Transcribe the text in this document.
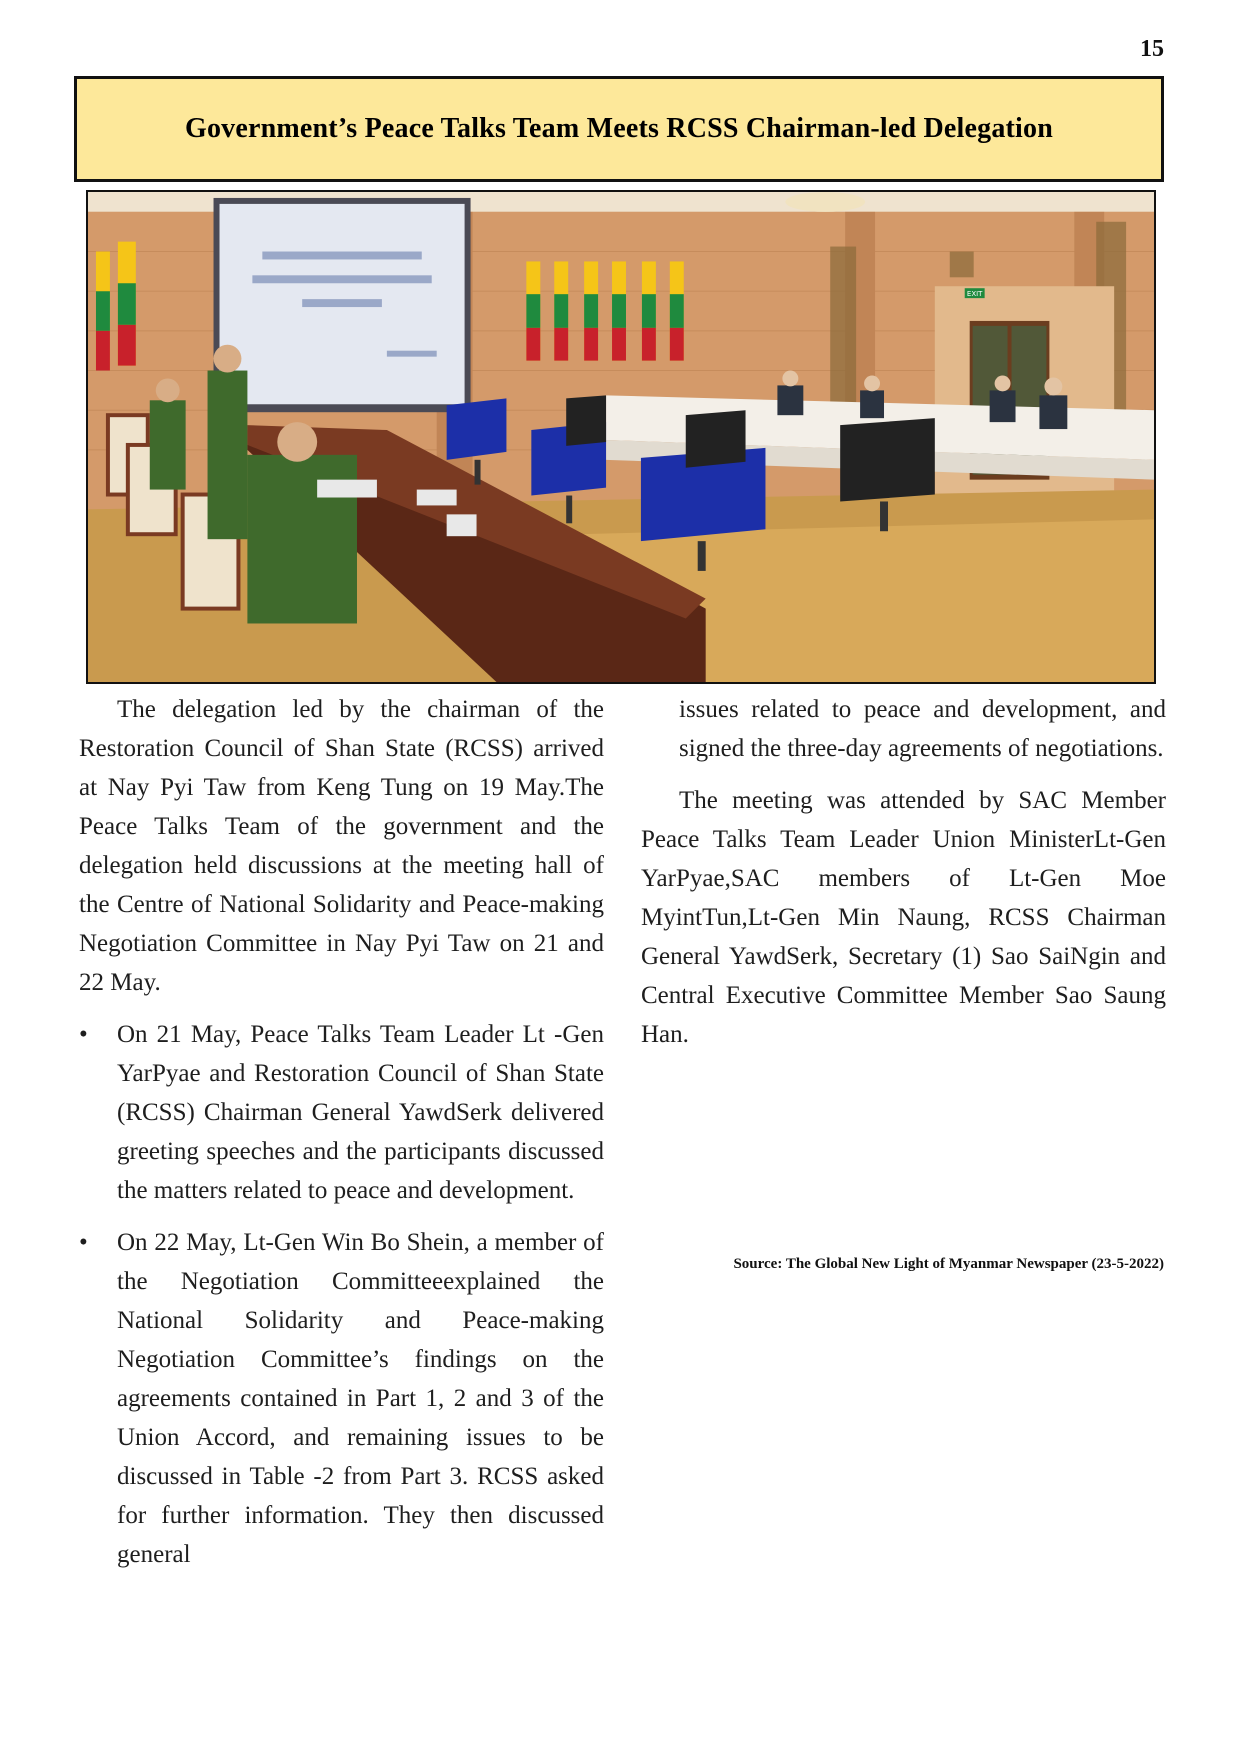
15
Government’s Peace Talks Team Meets RCSS Chairman-led Delegation
EXIT

The delegation led by the chairman of the Restoration Council of Shan State (RCSS) arrived at Nay Pyi Taw from Keng Tung on 19 May.The Peace Talks Team of the government and the delegation held discussions at the meeting hall of the Centre of National Solidarity and Peace-making Negotiation Committee in Nay Pyi Taw on 21 and 22 May.

•	On 21 May, Peace Talks Team Leader Lt -Gen YarPyae and Restoration Council of Shan State (RCSS) Chairman General YawdSerk delivered greeting speeches and the participants discussed the matters related to peace and development.
•	On 22 May, Lt-Gen Win Bo Shein, a member of the Negotiation Committeeexplained the National Solidarity and Peace-making Negotiation Committee’s findings on the agreements contained in Part 1, 2 and 3 of the Union Accord, and remaining issues to be discussed in Table -2 from Part 3. RCSS asked for further information. They then discussed general

issues related to peace and development, and signed the three-day agreements of negotiations.

The meeting was attended by SAC Member Peace Talks Team Leader Union MinisterLt-Gen YarPyae,SAC members of Lt-Gen Moe MyintTun,Lt-Gen Min Naung, RCSS Chairman General YawdSerk, Secretary (1) Sao SaiNgin and Central Executive Committee Member Sao Saung Han.

Source: The Global New Light of Myanmar Newspaper (23-5-2022)
